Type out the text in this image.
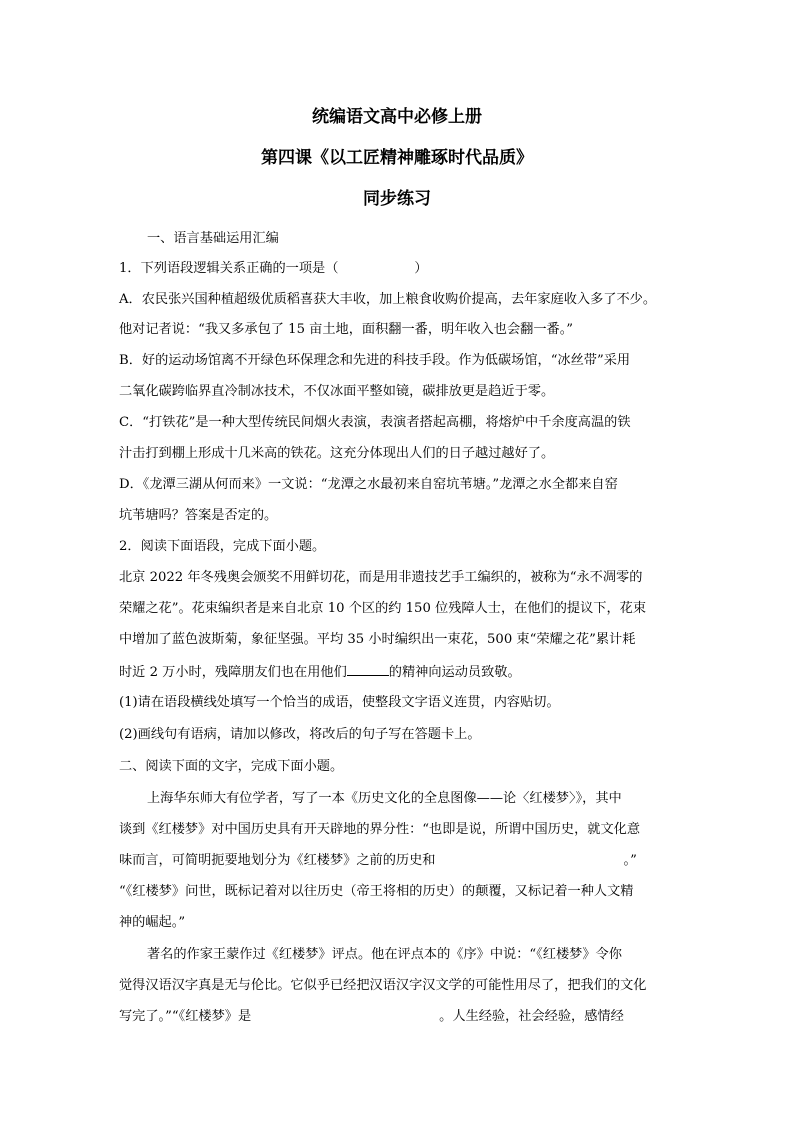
统编语文高中必修上册
第四课《以工匠精神雕琢时代品质》
同步练习
一、语言基础运用汇编
1．下列语段逻辑关系正确的一项是（	）
A．农民张兴国种植超级优质稻喜获大丰收，加上粮食收购价提高，去年家庭收入多了不少。
他对记者说：“我又多承包了 15 亩土地，面积翻一番，明年收入也会翻一番。”
B．好的运动场馆离不开绿色环保理念和先进的科技手段。作为低碳场馆，“冰丝带”采用
二氧化碳跨临界直冷制冰技术，不仅冰面平整如镜，碳排放更是趋近于零。
C．“打铁花”是一种大型传统民间烟火表演，表演者搭起高棚，将熔炉中千余度高温的铁
汁击打到棚上形成十几米高的铁花。这充分体现出人们的日子越过越好了。
D．《龙潭三湖从何而来》一文说：“龙潭之水最初来自窑坑苇塘。”龙潭之水全都来自窑
坑苇塘吗？答案是否定的。
2．阅读下面语段，完成下面小题。
北京 2022 年冬残奥会颁奖不用鲜切花，而是用非遗技艺手工编织的，被称为“永不凋零的
荣耀之花”。花束编织者是来自北京 10 个区的约 150 位残障人士，在他们的提议下，花束
中增加了蓝色波斯菊，象征坚强。平均 35 小时编织出一束花，500 束“荣耀之花”累计耗
时近 2 万小时，残障朋友们也在用他们	的精神向运动员致敬。
(1)请在语段横线处填写一个恰当的成语，使整段文字语义连贯，内容贴切。
(2)画线句有语病，请加以修改，将改后的句子写在答题卡上。
二、阅读下面的文字，完成下面小题。
上海华东师大有位学者，写了一本《历史文化的全息图像——论〈红楼梦〉》，其中
谈到《红楼梦》对中国历史具有开天辟地的界分性：“也即是说，所谓中国历史，就文化意
味而言，可简明扼要地划分为《红楼梦》之前的历史和	。”
“《红楼梦》问世，既标记着对以往历史（帝王将相的历史）的颠覆，又标记着一种人文精
神的崛起。”
著名的作家王蒙作过《红楼梦》评点。他在评点本的《序》中说：“《红楼梦》令你
觉得汉语汉字真是无与伦比。它似乎已经把汉语汉字汉文学的可能性用尽了，把我们的文化
写完了。”“《红楼梦》是	。人生经验，社会经验，感情经
